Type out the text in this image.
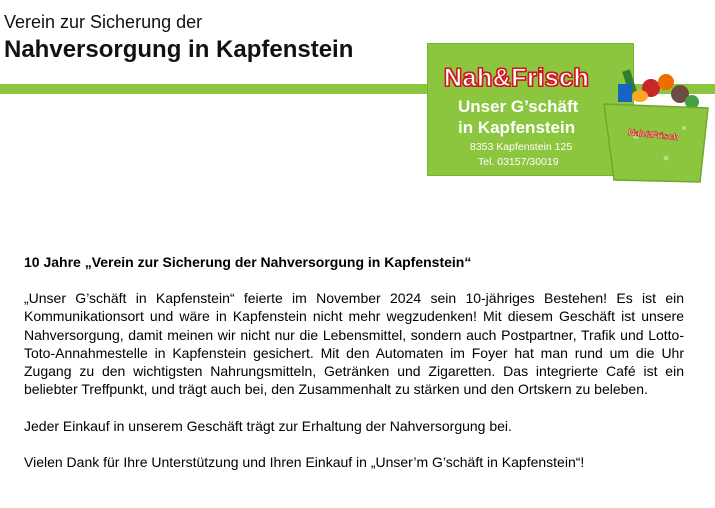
Verein zur Sicherung der
Nahversorgung in Kapfenstein
Nah&Frisch
Unser G’schäft
in Kapfenstein
8353 Kapfenstein 125
Tel. 03157/30019
Nah&Frisch
10 Jahre „Verein zur Sicherung der Nahversorgung in Kapfenstein“

„Unser G’schäft in Kapfenstein“ feierte im November 2024 sein 10-jähriges Bestehen! Es ist ein Kommunikationsort und wäre in Kapfenstein nicht mehr wegzudenken! Mit diesem Geschäft ist unsere Nahversorgung, damit meinen wir nicht nur die Lebensmittel, sondern auch Postpartner, Trafik und Lotto-Toto-Annahmestelle in Kapfenstein gesichert. Mit den Automaten im Foyer hat man rund um die Uhr Zugang zu den wichtigsten Nahrungsmitteln, Getränken und Zigaretten. Das integrierte Café ist ein beliebter Treffpunkt, und trägt auch bei, den Zusammenhalt zu stärken und den Ortskern zu beleben.

Jeder Einkauf in unserem Geschäft trägt zur Erhaltung der Nahversorgung bei.

Vielen Dank für Ihre Unterstützung und Ihren Einkauf in „Unser’m G’schäft in Kapfenstein“!
